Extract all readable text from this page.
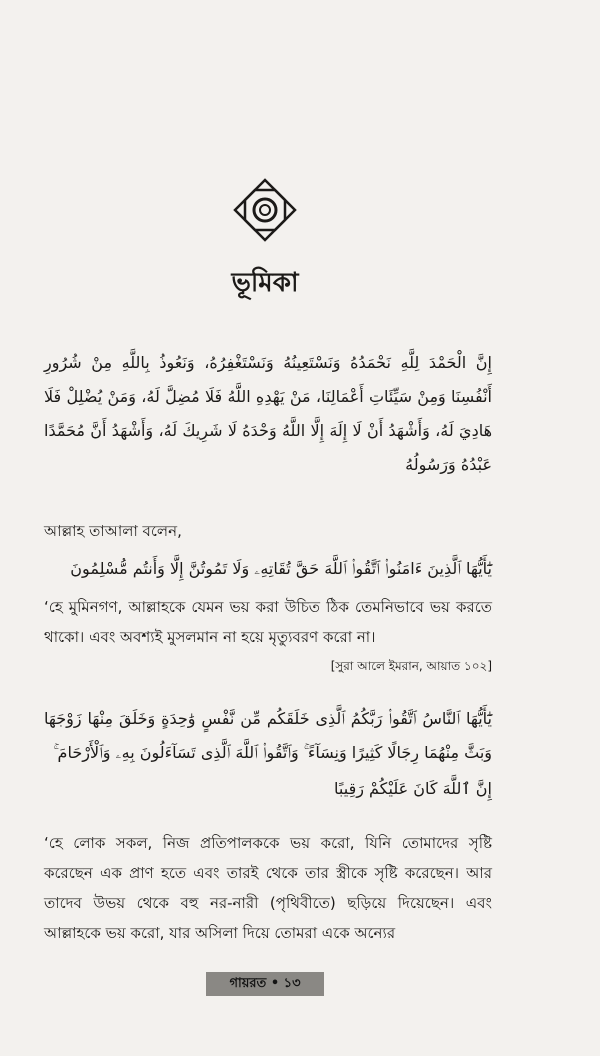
ভূমিকা
إِنَّ الْحَمْدَ لِلَّهِ نَحْمَدُهُ وَنَسْتَعِينُهُ وَنَسْتَغْفِرُهُ، وَنَعُوذُ بِاللَّهِ مِنْ شُرُورِ أَنْفُسِنَا وَمِنْ سَيِّئَاتِ أَعْمَالِنَا، مَنْ يَهْدِهِ اللَّهُ فَلَا مُضِلَّ لَهُ، وَمَنْ يُضْلِلْ فَلَا هَادِيَ لَهُ، وَأَشْهَدُ أَنْ لَا إِلَهَ إِلَّا اللَّهُ وَحْدَهُ لَا شَرِيكَ لَهُ، وَأَشْهَدُ أَنَّ مُحَمَّدًا عَبْدُهُ وَرَسُولُهُ
আল্লাহ তাআলা বলেন,
يَٰٓأَيُّهَا ٱلَّذِينَ ءَامَنُوا۟ ٱتَّقُوا۟ ٱللَّهَ حَقَّ تُقَاتِهِۦ وَلَا تَمُوتُنَّ إِلَّا وَأَنتُم مُّسْلِمُونَ
‘হে মুমিনগণ, আল্লাহকে যেমন ভয় করা উচিত ঠিক তেমনিভাবে ভয় করতে থাকো। এবং অবশ্যই মুসলমান না হয়ে মৃত্যুবরণ করো না।
[সুরা আলে ইমরান, আয়াত ১০২]
يَٰٓأَيُّهَا ٱلنَّاسُ ٱتَّقُوا۟ رَبَّكُمُ ٱلَّذِى خَلَقَكُم مِّن نَّفْسٍ وَٰحِدَةٍ وَخَلَقَ مِنْهَا زَوْجَهَا وَبَثَّ مِنْهُمَا رِجَالًا كَثِيرًا وَنِسَآءً ۚ وَٱتَّقُوا۟ ٱللَّهَ ٱلَّذِى تَسَآءَلُونَ بِهِۦ وَٱلْأَرْحَامَ ۚ
إِنَّ ٱللَّهَ كَانَ عَلَيْكُمْ رَقِيبًا
‘হে লোক সকল, নিজ প্রতিপালককে ভয় করো, যিনি তোমাদের সৃষ্টি করেছেন এক প্রাণ হতে এবং তারই থেকে তার স্ত্রীকে সৃষ্টি করেছেন। আর তাদেব উভয় থেকে বহু নর-নারী (পৃথিবীতে) ছড়িয়ে দিয়েছেন। এবং আল্লাহকে ভয় করো, যার অসিলা দিয়ে তোমরা একে অন্যের
গায়রত • ১৩
